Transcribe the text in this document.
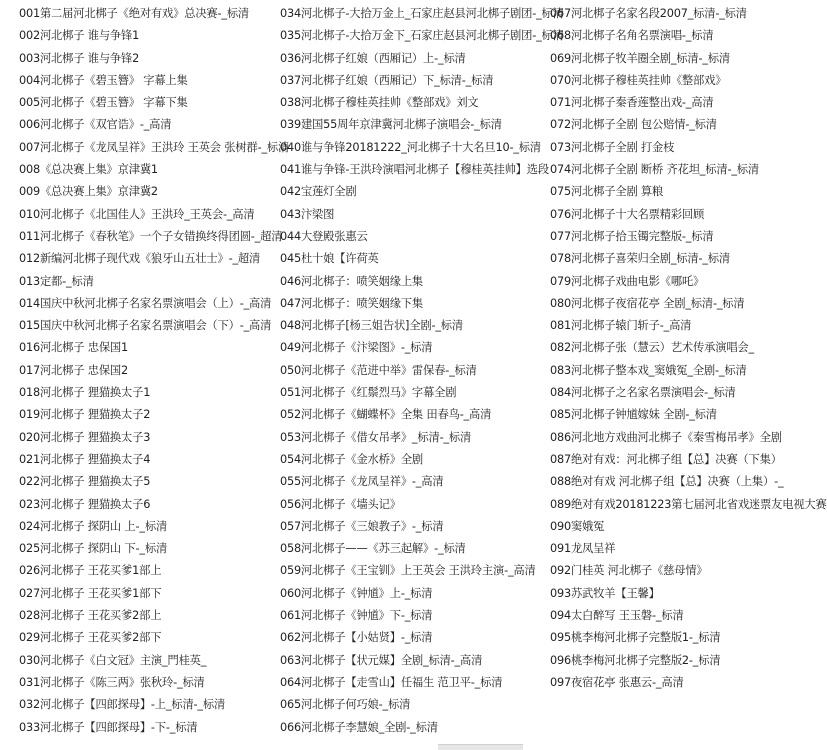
001第二届河北梆子《绝对有戏》总决赛-_标清
002河北梆子 谁与争锋1
003河北梆子 谁与争锋2
004河北梆子《碧玉簪》 字幕上集
005河北梆子《碧玉簪》 字幕下集
006河北梆子《双官诰》-_高清
007河北梆子《龙凤呈祥》王洪玲 王英会 张树群-_标清
008《总决赛上集》京津冀1
009《总决赛上集》京津冀2
010河北梆子《北国佳人》王洪玲_王英会-_高清
011河北梆子《春秋笔》一个子女错换终得团圆-_超清
012新编河北梆子现代戏《狼牙山五壮士》-_超清
013定都-_标清
014国庆中秋河北梆子名家名票演唱会（上）-_高清
015国庆中秋河北梆子名家名票演唱会（下）-_高清
016河北梆子 忠保国1
017河北梆子 忠保国2
018河北梆子 狸猫换太子1
019河北梆子 狸猫换太子2
020河北梆子 狸猫换太子3
021河北梆子 狸猫换太子4
022河北梆子 狸猫换太子5
023河北梆子 狸猫换太子6
024河北梆子 探阴山 上-_标清
025河北梆子 探阴山 下-_标清
026河北梆子 王花买爹1部上
027河北梆子 王花买爹1部下
028河北梆子 王花买爹2部上
029河北梆子 王花买爹2部下
030河北梆子《白文冠》主演_門桂英_
031河北梆子《陈三两》张秋玲-_标清
032河北梆子【四郎探母】-上_标清-_标清
033河北梆子【四郎探母】-下-_标清
034河北梆子-大拾万金上_石家庄赵县河北梆子剧团-_标清
035河北梆子-大拾万金下_石家庄赵县河北梆子剧团-_标清
036河北梆子红娘（西厢记）上-_标清
037河北梆子红娘（西厢记）下_标清-_标清
038河北梆子穆桂英挂帅《整部戏》刘文
039建国55周年京津冀河北梆子演唱会-_标清
040谁与争锋20181222_河北梆子十大名旦10-_标清
041谁与争锋-王洪玲演唱河北梆子【穆桂英挂帅】选段
042宝莲灯全剧
043汴梁图
044大登殿张惠云
045杜十娘【许荷英
046河北梆子：喷笑姻缘上集
047河北梆子：喷笑姻缘下集
048河北梆子[杨三姐告状]全剧-_标清
049河北梆子《汴梁图》-_标清
050河北梆子《范进中举》雷保春-_标清
051河北梆子《红鬃烈马》字幕全剧
052河北梆子《蝴蝶杯》全集 田春鸟-_高清
053河北梆子《借女吊孝》_标清-_标清
054河北梆子《金水桥》全剧
055河北梆子《龙凤呈祥》-_高清
056河北梆子《墙头记》
057河北梆子《三娘教子》-_标清
058河北梆子——《苏三起解》-_标清
059河北梆子《王宝钏》上王英会 王洪玲主演-_高清
060河北梆子《钟馗》上-_标清
061河北梆子《钟馗》下-_标清
062河北梆子【小姑贤】-_标清
063河北梆子【状元媒】全剧_标清-_高清
064河北梆子【走雪山】任福生 范卫平-_标清
065河北梆子何巧娘-_标清
066河北梆子李慧娘_全剧-_标清
067河北梆子名家名段2007_标清-_标清
068河北梆子名角名票演唱-_标清
069河北梆子牧羊圈全剧_标清-_标清
070河北梆子穆桂英挂帅《整部戏》
071河北梆子秦香莲整出戏-_高清
072河北梆子全剧 包公赔情-_标清
073河北梆子全剧 打金枝
074河北梆子全剧 断桥 齐花坦_标清-_标清
075河北梆子全剧 算粮
076河北梆子十大名票精彩回顾
077河北梆子拾玉镯完整版-_标清
078河北梆子喜荣归全剧_标清-_标清
079河北梆子戏曲电影《哪吒》
080河北梆子夜宿花亭 全剧_标清-_标清
081河北梆子辕门斩子-_高清
082河北梆子张（慧云）艺术传承演唱会_
083河北梆子整本戏_窦娥冤_全剧-_标清
084河北梆子之名家名票演唱会-_标清
085河北梆子钟馗嫁妹 全剧-_标清
086河北地方戏曲河北梆子《秦雪梅吊孝》全剧
087绝对有戏：河北梆子组【总】决赛（下集）
088绝对有戏 河北梆子组【总】决赛（上集）-_
089绝对有戏20181223第七届河北省戏迷票友电视大赛
090窦娥冤
091龙凤呈祥
092门桂英 河北梆子《慈母情》
093苏武牧羊【王馨】
094太白醉写 王玉磐-_标清
095桃李梅河北梆子完整版1-_标清
096桃李梅河北梆子完整版2-_标清
097夜宿花亭 张惠云-_高清
